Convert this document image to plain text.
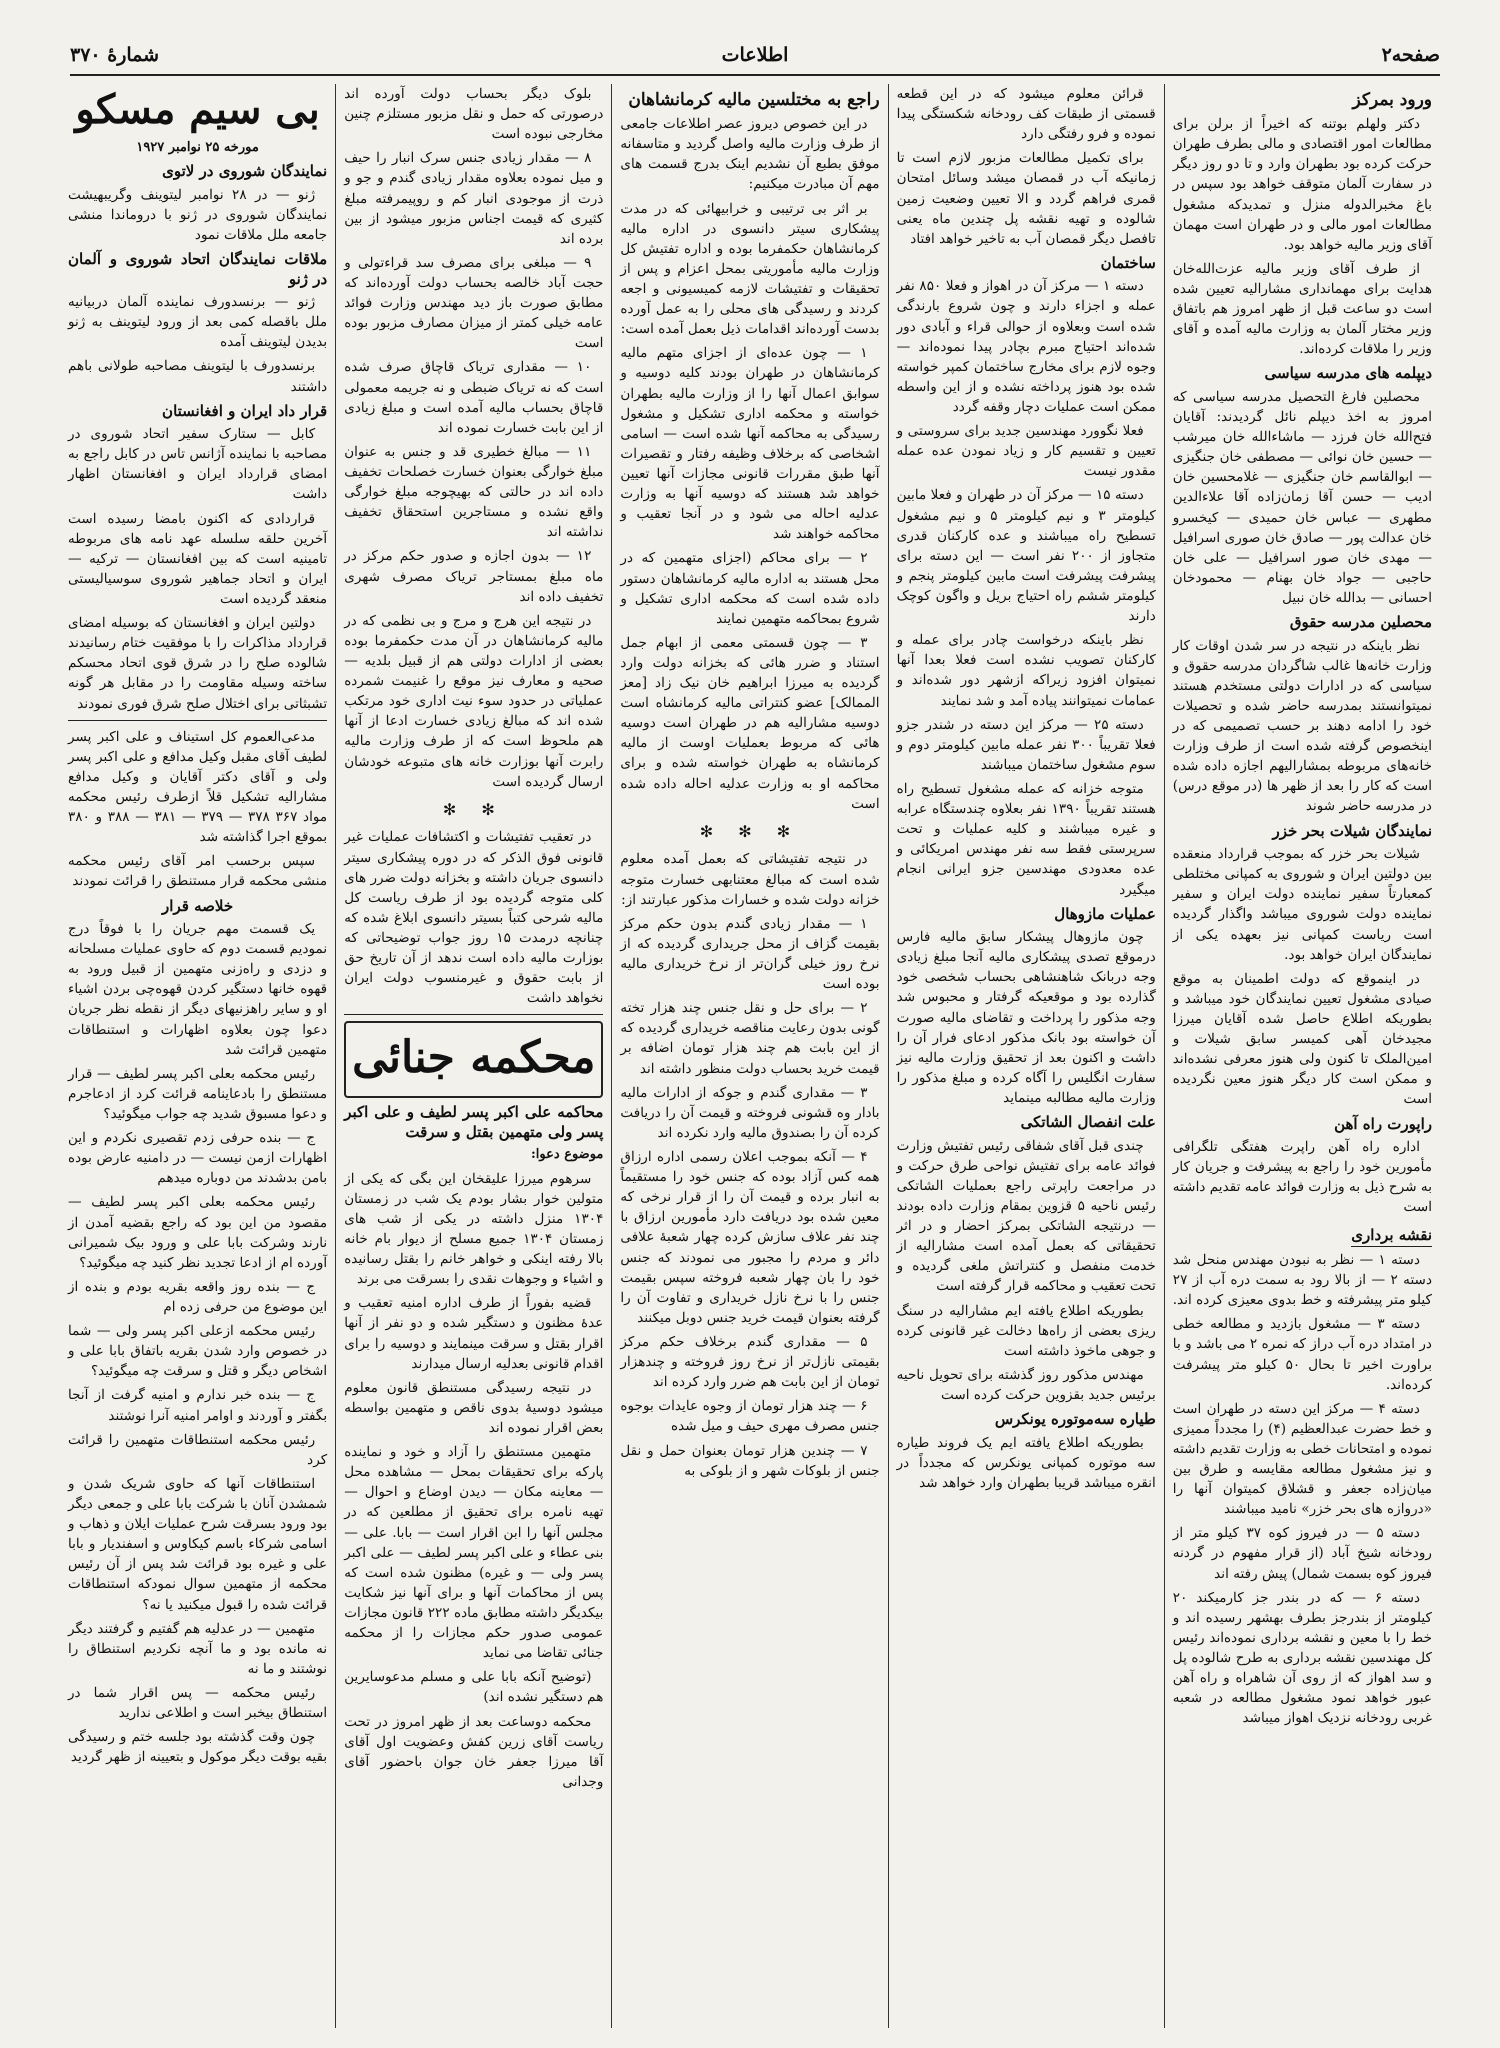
صفحه۲
اطلاعات
شمارهٔ ۳۷۰
ورود بمرکز

دکتر ولهلم بوتنه که اخیراً از برلن برای مطالعات امور اقتصادی و مالی بطرف طهران حرکت کرده بود بطهران وارد و تا دو روز دیگر در سفارت آلمان متوقف خواهد بود سپس در باغ مخبرالدوله منزل و تمدیدکه مشغول مطالعات امور مالی و در طهران است مهمان آقای وزیر مالیه خواهد بود.

از طرف آقای وزیر مالیه عزت‌الله‌خان هدایت برای مهمانداری مشارالیه تعیین شده است دو ساعت قبل از ظهر امروز هم باتفاق وزیر مختار آلمان به وزارت مالیه آمده و آقای وزیر را ملاقات کرده‌اند.

دیپلمه های مدرسه سیاسی

محصلین فارغ التحصیل مدرسه سیاسی که امروز به اخذ دیپلم نائل گردیدند: آقایان فتح‌الله خان فرزد — ماشاءالله خان میرشب — حسین خان نوائی — مصطفی خان جنگیزی — ابوالقاسم خان جنگیزی — غلامحسین خان ادیب — حسن آقا زمان‌زاده آقا علاءالدین مطهری — عباس خان حمیدی — کیخسرو خان عدالت پور — صادق خان صوری اسرافیل — مهدی خان صور اسرافیل — علی خان حاجبی — جواد خان بهنام — محمودخان احسانی — بدالله خان نبیل

محصلین مدرسه حقوق

نظر باینکه در نتیجه در سر شدن اوقات کار وزارت خانه‌ها غالب شاگردان مدرسه حقوق و سیاسی که در ادارات دولتی مستخدم هستند نمیتوانستند بمدرسه حاضر شده و تحصیلات خود را ادامه دهند بر حسب تصمیمی که در اینخصوص گرفته شده است از طرف وزارت خانه‌های مربوطه بمشارالیهم اجازه داده شده است که کار را بعد از ظهر ها (در موقع درس) در مدرسه حاضر شوند

نمایندگان شیلات بحر خزر

شیلات بحر خزر که بموجب قرارداد منعقده بین دولتین ایران و شوروی به کمپانی مختلطی کمعبارتاً سفیر نماینده دولت ایران و سفیر نماینده دولت شوروی میباشد واگذار گردیده است ریاست کمپانی نیز بعهده یکی از نمایندگان ایران خواهد بود.

در اینموقع که دولت اطمینان به موقع صیادی مشغول تعیین نمایندگان خود میباشد و بطوریکه اطلاع حاصل شده آقایان میرزا مجیدخان آهی کمیسر سابق شیلات و امین‌الملک تا کنون ولی هنوز معرفی نشده‌اند و ممکن است کار دیگر هنوز معین نگردیده است

راپورت راه آهن

اداره راه آهن راپرت هفتگی تلگرافی مأمورین خود را راجع به پیشرفت و جریان کار به شرح ذیل به وزارت فوائد عامه تقدیم داشته است

نقشه برداری

دسته ۱ — نظر به نبودن مهندس منحل شد دسته ۲ — از بالا رود به سمت دره آب از ۲۷ کیلو متر پیشرفته و خط بدوی معیزی کرده اند.

دسته ۳ — مشغول بازدید و مطالعه خطی در امتداد دره آب دراز که نمره ۲ می باشد و با براورت اخیر تا بحال ۵۰ کیلو متر پیشرفت کرده‌اند.

دسته ۴ — مرکز این دسته در طهران است و خط حضرت عبدالعظیم (۴) را مجدداً ممیزی نموده و امتحانات خطی به وزارت تقدیم داشته و نیز مشغول مطالعه مقایسه و طرق بین میان‌زاده جعفر و قشلاق کمیتوان آنها را «دروازه های بحر خزر» نامید میباشند

دسته ۵ — در فیروز کوه ۳۷ کیلو متر از رودخانه شیخ آباد (از قرار مفهوم در گردنه فیروز کوه بسمت شمال) پیش رفته اند

دسته ۶ — که در بندر جز کارمیکند ۲۰ کیلومتر از بندرجز بطرف بهشهر رسیده اند و خط را با معین و نقشه برداری نموده‌اند رئیس کل مهندسین نقشه برداری به طرح شالوده پل و سد اهواز که از روی آن شاهراه و راه آهن عبور خواهد نمود مشغول مطالعه در شعبه غربی رودخانه نزدیک اهواز میباشد

قرائن معلوم میشود که در این قطعه قسمتی از طبقات کف رودخانه شکستگی پیدا نموده و فرو رفتگی دارد

برای تکمیل مطالعات مزبور لازم است تا زمانیکه آب در قمصان میشد وسائل امتحان قمری فراهم گردد و الا تعیین وضعیت زمین شالوده و تهیه نقشه پل چندین ماه یعنی تافصل دیگر قمصان آب به تاخیر خواهد افتاد

ساختمان

دسته ۱ — مرکز آن در اهواز و فعلا ۸۵۰ نفر عمله و اجزاء دارند و چون شروع بارندگی شده است وبعلاوه از حوالی قراء و آبادی دور شده‌اند احتیاج مبرم بچادر پیدا نموده‌اند — وجوه لازم برای مخارج ساختمان کمپر خواسته شده بود هنوز پرداخته نشده و از این واسطه ممکن است عملیات دچار وقفه گردد

فعلا نگوورد مهندسین جدید برای سروستی و تعیین و تقسیم کار و زیاد نمودن عده عمله مقدور نیست

دسته ۱۵ — مرکز آن در طهران و فعلا مابین کیلومتر ۳ و نیم کیلومتر ۵ و نیم مشغول تسطیح راه میباشند و عده کارکنان قدری متجاوز از ۲۰۰ نفر است — این دسته برای پیشرفت پیشرفت است مابین کیلومتر پنجم و کیلومتر ششم راه احتیاج بریل و واگون کوچک دارند

نظر باینکه درخواست چادر برای عمله و کارکنان تصویب نشده است فعلا بعدا آنها نمیتوان افزود زیراکه ازشهر دور شده‌اند و عمامات نمیتوانند پیاده آمد و شد نمایند

دسته ۲۵ — مرکز این دسته در شندر جزو فعلا تقریباً ۳۰۰ نفر عمله مابین کیلومتر دوم و سوم مشغول ساختمان میباشند

متوجه خزانه که عمله مشغول تسطیح راه هستند تقریباً ۱۳۹۰ نفر بعلاوه چندستگاه عرابه و غیره میباشند و کلیه عملیات و تحت سرپرستی فقط سه نفر مهندس امریکائی و عده معدودی مهندسین جزو ایرانی انجام میگیرد

عملیات مازوهال

چون مازوهال پیشکار سابق مالیه فارس درموقع تصدی پیشکاری مالیه آنجا مبلغ زیادی وجه دربانک شاهنشاهی بحساب شخصی خود گذارده بود و موقعیکه گرفتار و محبوس شد وجه مذکور را پرداخت و تقاضای مالیه صورت آن خواسته بود بانک مذکور ادعای فرار آن را داشت و اکنون بعد از تحقیق وزارت مالیه نیز سفارت انگلیس را آگاه کرده و مبلغ مذکور را وزارت مالیه مطالبه مینماید

علت انفصال الشاتکی

چندی قبل آقای شفاقی رئیس تفتیش وزارت فوائد عامه برای تفتیش نواحی طرق حرکت و در مراجعت راپرتی راجع بعملیات الشاتکی رئیس ناحیه ۵ قزوین بمقام وزارت داده بودند — درنتیجه الشاتکی بمرکز احضار و در اثر تحقیقاتی که بعمل آمده است مشارالیه از خدمت منفصل و کنتراتش ملغی گردیده و تحت تعقیب و محاکمه قرار گرفته است

بطوریکه اطلاع یافته ایم مشارالیه در سنگ ریزی بعضی از راه‌ها دخالت غیر قانونی کرده و جوهی ماخوذ داشته است

مهندس مذکور روز گذشته برای تحویل ناحیه برئیس جدید بقزوین حرکت کرده است

طیاره سه‌موتوره یونکرس

بطوریکه اطلاع یافته ایم یک فروند طیاره سه موتوره کمپانی یونکرس که مجدداً در انقره میباشد قریبا بطهران وارد خواهد شد

راجع به مختلسین مالیه کرمانشاهان

در این خصوص دیروز عصر اطلاعات جامعی از طرف وزارت مالیه واصل گردید و متاسفانه موفق بطبع آن نشدیم اینک بدرج قسمت های مهم آن مبادرت میکنیم:

بر اثر بی ترتیبی و خرابیهائی که در مدت پیشکاری سیتر دانسوی در اداره مالیه کرمانشاهان حکمفرما بوده و اداره تفتیش کل وزارت مالیه مأموریتی بمحل اعزام و پس از تحقیقات و تفتیشات لازمه کمیسیونی و اجعه کردند و رسیدگی های محلی را به عمل آورده بدست آورده‌اند اقدامات ذیل بعمل آمده است:

۱ — چون عده‌ای از اجزای متهم مالیه کرمانشاهان در طهران بودند کلیه دوسیه و سوابق اعمال آنها را از وزارت مالیه بطهران خواسته و محکمه اداری تشکیل و مشغول رسیدگی به محاکمه آنها شده است — اسامی اشخاصی که برخلاف وظیفه رفتار و تقصیرات آنها طبق مقررات قانونی مجازات آنها تعیین خواهد شد هستند که دوسیه آنها به وزارت عدلیه احاله می شود و در آنجا تعقیب و محاکمه خواهند شد

۲ — برای محاکم (اجزای متهمین که در محل هستند به اداره مالیه کرمانشاهان دستور داده شده است که محکمه اداری تشکیل و شروع بمحاکمه متهمین نمایند

۳ — چون قسمتی معمی از ابهام جمل استناد و ضرر هائی که بخزانه دولت وارد گردیده به میرزا ابراهیم خان نیک زاد [معز الممالک] عضو کنتراتی مالیه کرمانشاه است دوسیه مشارالیه هم در طهران است دوسیه هائی که مربوط بعملیات اوست از مالیه کرمانشاه به طهران خواسته شده و برای محاکمه او به وزارت عدلیه احاله داده شده است

✻ ✻ ✻

در نتیجه تفتیشاتی که بعمل آمده معلوم شده است که مبالغ معتنابهی خسارت متوجه خزانه دولت شده و خسارات مذکور عبارتند از:

۱ — مقدار زیادی گندم بدون حکم مرکز بقیمت گزاف از محل جریداری گردیده که از نرخ روز خیلی گران‌تر از نرخ خریداری مالیه بوده است

۲ — برای حل و نقل جنس چند هزار تخته گونی بدون رعایت مناقصه خریداری گردیده که از این بابت هم چند هزار تومان اضافه بر قیمت خرید بحساب دولت منظور داشته اند

۳ — مقداری گندم و جوکه از ادارات مالیه بادار وه قشونی فروخته و قیمت آن را دریافت کرده آن را بصندوق مالیه وارد نکرده اند

۴ — آنکه بموجب اعلان رسمی اداره ارزاق همه کس آزاد بوده که جنس خود را مستقیماً به انبار برده و قیمت آن را از قرار نرخی که معین شده بود دریافت دارد مأمورین ارزاق با چند نفر علاف سازش کرده چهار شعبهٔ علافی دائر و مردم را مجبور می نمودند که جنس خود را بان چهار شعبه فروخته سپس بقیمت جنس را با نرخ نازل خریداری و تفاوت آن را گرفته بعنوان قیمت خرید جنس دوبل میکنند

۵ — مقداری گندم برخلاف حکم مرکز بقیمتی نازل‌تر از نرخ روز فروخته و چندهزار تومان از این بابت هم ضرر وارد کرده اند

۶ — چند هزار تومان از وجوه عایدات بوجوه جنس مصرف مهری حیف و میل شده

۷ — چندین هزار تومان بعنوان حمل و نقل جنس از بلوکات شهر و از بلوکی به

بلوک دیگر بحساب دولت آورده اند درصورتی که حمل و نقل مزبور مستلزم چنین مخارجی نبوده است

۸ — مقدار زیادی جنس سرک انبار را حیف و میل نموده بعلاوه مقدار زیادی گندم و جو و ذرت از موجودی انبار کم و روپیمرفته مبلغ کثیری که قیمت اجناس مزبور میشود از بین برده اند

۹ — مبلغی برای مصرف سد قراءتولی و حجت آباد خالصه بحساب دولت آورده‌اند که مطابق صورت باز دید مهندس وزارت فوائد عامه خیلی کمتر از میزان مصارف مزبور بوده است

۱۰ — مقداری تریاک قاچاق صرف شده است که نه تریاک ضبطی و نه جریمه معمولی قاچاق بحساب مالیه آمده است و مبلغ زیادی از این بابت خسارت نموده اند

۱۱ — مبالغ خطیری قد و جنس به عنوان مبلغ خوارگی بعنوان خسارت خصلحات تخفیف داده اند در حالتی که بهیچوجه مبلغ خوارگی واقع نشده و مستاجرین استحقاق تخفیف نداشته اند

۱۲ — بدون اجازه و صدور حکم مرکز در ماه مبلغ بمستاجر تریاک مصرف شهری تخفیف داده اند

در نتیجه این هرج و مرج و بی نظمی که در مالیه کرمانشاهان در آن مدت حکمفرما بوده بعضی از ادارات دولتی هم از قبیل بلدیه — صحیه و معارف نیز موقع را غنیمت شمرده عملیاتی در حدود سوء نیت اداری خود مرتکب شده اند که مبالغ زیادی خسارت ادعا از آنها هم ملحوظ است که از طرف وزارت مالیه رابرت آنها بوزارت خانه های متبوعه خودشان ارسال گردیده است

✻ ✻

در تعقیب تفتیشات و اکتشافات عملیات غیر قانونی فوق الذکر که در دوره پیشکاری سیتر دانسوی جریان داشته و بخزانه دولت ضرر های کلی متوجه گردیده بود از طرف ریاست کل مالیه شرحی کتباً بسیتر دانسوی ابلاغ شده که چنانچه درمدت ۱۵ روز جواب توضیحاتی که بوزارت مالیه داده است ندهد از آن تاریخ حق از بابت حقوق و غیرمنسوب دولت ایران نخواهد داشت

محکمه جنائی
محاکمه علی اکبر پسر لطیف و علی اکبر پسر ولی متهمین بقتل و سرقت
موضوع دعوا:

سرهوم میرزا علیقخان این بگی که یکی از متولین خوار بشار بودم یک شب در زمستان ۱۳۰۴ منزل داشته در یکی از شب های زمستان ۱۳۰۴ جمیع مسلح از دیوار بام خانه بالا رفته اینکی و خواهر خانم را بقتل رسانیده و اشیاء و وجوهات نقدی را بسرقت می برند

قضیه بفوراً از طرف اداره امنیه تعقیب و عدهٔ مظنون و دستگیر شده و دو نفر از آنها اقرار بقتل و سرقت مینمایند و دوسیه را برای اقدام قانونی بعدلیه ارسال میدارند

در نتیجه رسیدگی مستنطق قانون معلوم میشود دوسیهٔ بدوی ناقص و متهمین بواسطه بعض اقرار نموده اند

متهمین مستنطق را آزاد و خود و نماینده پارکه برای تحقیقات بمحل — مشاهده محل — معاینه مکان — دیدن اوضاع و احوال — تهیه نامره برای تحقیق از مطلعین که در مجلس آنها را ابن اقرار است — بابا. علی — بنی عطاء و علی اکبر پسر لطیف — علی اکبر پسر ولی — و غیره) مظنون شده است که پس از محاکمات آنها و برای آنها نیز شکایت بیکدیگر داشته مطابق ماده ۲۲۲ قانون مجازات عمومی صدور حکم مجازات را از محکمه جنائی تقاضا می نماید

(توضیح آنکه بابا علی و مسلم مدعوسایرین هم دستگیر نشده اند)

محکمه دوساعت بعد از ظهر امروز در تحت ریاست آقای زرین کفش وعضویت اول آقای آقا میرزا جعفر خان جوان باحضور آقای وجدانی

بی سیم مسکو
مورخه ۲۵ نوامبر ۱۹۲۷
نمایندگان شوروی در لاتوی

ژنو — در ۲۸ نوامبر لیتوینف وگریبهیشت نمایندگان شوروی در ژنو با دروماندا منشی جامعه ملل ملاقات نمود

ملاقات نمایندگان اتحاد شوروی و آلمان در ژنو

ژنو — برنسدورف نماینده آلمان دربیانیه ملل باقصله کمی بعد از ورود لیتوینف به ژنو بدیدن لیتوینف آمده

برنسدورف با لیتوینف مصاحبه طولانی باهم داشتند

قرار داد ایران و افغانستان

کابل — ستارک سفیر اتحاد شوروی در مصاحبه با نماینده آژانس تاس در کابل راجع به امضای قرارداد ایران و افغانستان اظهار داشت

قراردادی که اکنون بامضا رسیده است آخرین حلقه سلسله عهد نامه های مربوطه تامینیه است که بین افغانستان — ترکیه — ایران و اتحاد جماهیر شوروی سوسیالیستی منعقد گردیده است

دولتین ایران و افغانستان که بوسیله امضای قرارداد مذاکرات را با موفقیت ختام رسانیدند شالوده صلح را در شرق قوی اتحاد محسکم ساخته وسیله مقاومت را در مقابل هر گونه تشبثاتی برای اختلال صلح شرق فوری نمودند

مدعی‌العموم کل استیناف و علی اکبر پسر لطیف آقای مقبل وکیل مدافع و علی اکبر پسر ولی و آقای دکتر آقایان و وکیل مدافع مشارالیه تشکیل قلاً ازطرف رئیس محکمه مواد ۳۶۷ ۳۷۸ — ۳۷۹ — ۳۸۱ — ۳۸۸ و ۳۸۰ بموقع اجرا گذاشته شد

سپس برحسب امر آقای رئیس محکمه منشی محکمه قرار مستنطق را قرائت نمودند

خلاصه قرار

یک قسمت مهم جریان را با فوقاً درج نمودیم قسمت دوم که حاوی عملیات مسلحانه و دزدی و راه‌زنی متهمین از قبیل ورود به قهوه خانها دستگیر کردن قهوه‌چی بردن اشیاء او و سایر راهزنیهای دیگر از نقطه نظر جریان دعوا چون بعلاوه اظهارات و استنطاقات متهمین قرائت شد

رئیس محکمه بعلی اکبر پسر لطیف — قرار مستنطق را بادعاینامه قرائت کرد از ادعاجرم و دعوا مسبوق شدید چه جواب میگوئید؟

ج — بنده حرفی زدم تقصیری نکردم و این اظهارات ازمن نیست — در دامنیه عارض بوده بامن بدشدند من دوباره میدهم

رئیس محکمه بعلی اکبر پسر لطیف — مقصود من این بود که راجع بقضیه آمدن از نارند وشرکت بابا علی و ورود بیک شمیرانی آورده ام از ادعا تجدید نظر کنید چه میگوئید؟

ج — بنده روز واقعه بقریه بودم و بنده از این موضوع من حرفی زده ام

رئیس محکمه ازعلی اکبر پسر ولی — شما در خصوص وارد شدن بقریه باتفاق بابا علی و اشخاص دیگر و قتل و سرقت چه میگوئید؟

ج — بنده خبر ندارم و امنیه گرفت از آنجا بگفتر و آوردند و اوامر امنیه آنرا نوشتند

رئیس محکمه استنطاقات متهمین را قرائت کرد

استنطاقات آنها که حاوی شریک شدن و شمشدن آنان با شرکت بابا علی و جمعی دیگر بود ورود بسرقت شرح عملیات ایلان و ذهاب و اسامی شرکاء باسم کیکاوس و اسفندیار و بابا علی و غیره بود قرائت شد پس از آن رئیس محکمه از متهمین سوال نمودکه استنطاقات قرائت شده را قبول میکنید یا نه؟

متهمین — در عدلیه هم گفتیم و گرفتند دیگر نه مانده بود و ما آنچه نکردیم استنطاق را نوشتند و ما نه

رئیس محکمه — پس اقرار شما در استنطاق بیخبر است و اطلاعی ندارید

چون وقت گذشته بود جلسه ختم و رسیدگی بقیه بوقت دیگر موکول و بتعیینه از ظهر گردید
